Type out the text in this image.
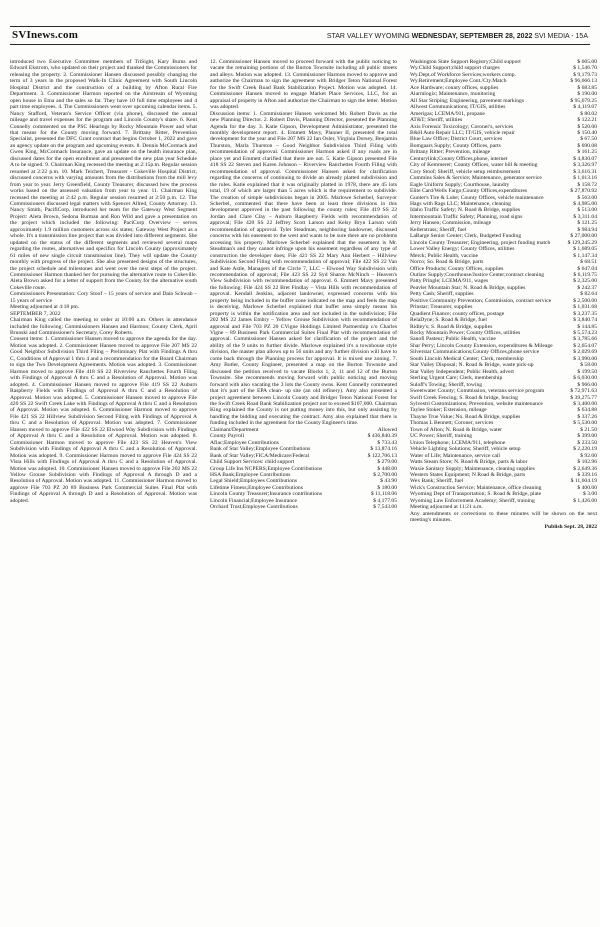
SVInews.com	STAR VALLEY WYOMING WEDNESDAY, SEPTEMBER 28, 2022 SVI MEDIA - 15A

introduced two Executive Committee members of TriSight, Kary Burns and Edward Ekstrom, who updated on their project and thanked the Commissioners for releasing the property. 2. Commissioner Hansen discussed possibly changing the term of 3 years in the proposed Walk-In Clinic Agreement with South Lincoln Hospital District and the construction of a building by Afton Rural Fire Department. 3. Commissioner Harmon reported on the Airstream of Wyoming open house in Etna and the sales so far. They have 10 full time employees and 4 part time employees. 4. The Commissioners went over upcoming calendar items. 5. Nancy Stafford, Veteran's Service Officer (via phone), discussed the annual mileage and travel expenses for the program and Lincoln County's share. 6. Kent Connelly commented on the PSC Hearings by Rocky Mountain Power and what that means for the County moving forward. 7. Brittany Ritter, Prevention Specialist, presented the DFC Grant contract that begins October 1, 2022 and gave an agency update on the program and upcoming events. 8. Dennis McCormack and Gwen King, McCormack Insurance, gave an update on the health insurance plan, discussed dates for the open enrollment and presented the new plan year Schedule A to be signed. 9. Chairman King recessed the meeting at 2:15p.m. Regular session resumed at 2:22 p.m. 10. Mark Teichert, Treasurer - Cokeville Hospital District, discussed concerns with varying amounts from the distributions from the mill levy from year to year. Jerry Greenfield, County Treasurer, discussed how the process works based on the assessed valuation from year to year. 11. Chairman King recessed the meeting at 2:42 p.m. Regular session resumed at 2:50 p.m. 12. The Commissioners discussed legal matters with Spencer Allred, County Attorney. 13. Nancy Smith, PacifiCorp, introduced her team for the Gateway West Segment Project: Aleta Brown, Sedona Burman and Ron Wild and gave a presentation on the project which included the following: PaciCorp Overview – serves approximately 1.9 million customers across six states; Gateway West Project as a whole. It's a transmission line project that was divided into different segments. She updated on the status of the different segments and reviewed several maps regarding the routes, alternatives and specifics for Lincoln County (approximately 61 miles of new single circuit transmission line). They will update the County monthly with progress of the project. She also presented designs of the structures, the project schedule and milestones and went over the next steps of the project. Commissioner Harmon thanked her for pursuing the alternative route to Cokeville. Aleta Brown asked for a letter of support from the County for the alternative south Cokeville route.

Commissioners Presentation: Cory Stoof – 15 years of service and Dain Schwab – 15 years of service

Meeting adjourned at 4:18 pm.

SEPTEMBER 7, 2022

Chairman King called the meeting to order at 10:00 a.m. Others in attendance included the following: Commissioners Hansen and Harmon; County Clerk, April Brunski and Commissioner's Secretary, Corey Roberts.

Consent items: 1. Commissioner Hansen moved to approve the agenda for the day. Motion was adopted. 2. Commissioner Hansen moved to approve File 207 MS 22 Good Neighbor Subdivision Third Filing – Preliminary Plat with Findings A thru C, Conditions of Approval 1 thru 4 and a recommendation for the Board Chairman to sign the Two Development Agreements. Motion was adopted. 3. Commissioner Harmon moved to approve File 418 SS 22 Riverview Ranchettes Fourth Filing with Findings of Approval A thru C and a Resolution of Approval. Motion was adopted. 4. Commissioner Hansen moved to approve File 419 SS 22 Auburn Raspberry Fields with Findings of Approval A thru C and a Resolution of Approval. Motion was adopted. 5. Commissioner Hansen moved to approve File 420 SS 22 Swift Creek Lake with Findings of Approval A thru C and a Resolution of Approval. Motion was adopted. 6. Commissioner Harmon moved to approve File 421 SS 22 Hillview Subdivision Second Filing with Findings of Approval A thru C and a Resolution of Approval. Motion was adopted. 7. Commissioner Hansen moved to approve File 422 SS 22 Elwood Way Subdivision with Findings of Approval A thru C and a Resolution of Approval. Motion was adopted. 8. Commissioner Harmon moved to approve File 423 SS 22 Heaven's View Subdivision with Findings of Approval A thru C and a Resolution of Approval. Motion was adopted. 9. Commissioner Harmon moved to approve File 424 SS 22 Vista Hills with Findings of Approval A thru C and a Resolution of Approval. Motion was adopted. 10. Commissioner Hansen moved to approve File 202 MS 22 Yellow Grouse Subdivision with Findings of Approval A through D and a Resolution of Approval. Motion was adopted. 11. Commissioner Harmon moved to approve File 703 PZ 20 89 Business Park Commercial Suites Final Plat with Findings of Approval A through D and a Resolution of Approval. Motion was adopted.

12. Commissioner Hansen moved to proceed forward with the public noticing to vacate the remaining portions of the Burton Townsite including all public streets and alleys. Motion was adopted. 13. Commissioner Harmon moved to approve and authorize the Chairman to sign the agreement with Bridger Teton National Forest for the Swift Creek Road Bank Stabilization Project. Motion was adopted. 14. Commissioner Hansen moved to engage Market Place Services, LLC, for an appraisal of property in Afton and authorize the Chairman to sign the letter. Motion was adopted.

Discussion items: 1. Commissioner Hansen welcomed Mr. Robert Davis as the new Planning Director. 2. Robert Davis, Planning Director, presented the Planning Agenda for the day. 3. Katie Gipson, Development Administrator, presented the monthly development report. 4. Emmett Mavy, Planner II, presented the total development for the year and File 207 MS 22 Ian Osler, Virginia Dorsey, Benjamin Thurston, Marla Thurston – Good Neighbor Subdivision Third Filing with recommendation of approval. Commissioner Harmon asked if any roads are in place yet and Emmett clarified that there are not. 5. Katie Gipson presented File 418 SS 22 Steven and Karen Johnson – Riverview Ranchettes Fourth Filing with recommendation of approval. Commissioner Hansen asked for clarification regarding the concerns of continuing to divide an already platted subdivision and the rules. Katie explained that it was originally platted in 1978, there are 45 lots total, 19 of which are larger than 5 acres which is the requirement to subdivide. The creation of simple subdivisions began in 2005. Marlowe Scherbel, Surveyor Scherbel, commented that there have been at least three divisions in this development approved in the past following the county rules; File 419 SS 22 Jordan and Clare Clay – Auburn Raspberry Fields with recommendation of approval; File 420 SS 22 Jeffrey Scott Larson and Kelsy Bryn Larson with recommendation of approval. Tyler Steadman, neighboring landowner, discussed concerns with his easement to the west and wants to be sure there are no problems accessing his property. Marlowe Scherbel explained that the easement is Mr. Steadman's and they cannot infringe upon his easement regardless of any type of construction the developer does; File 421 SS 22 Mary Ann Herbert – Hillview Subdivision Second Filing with recommendation of approval; File 422 SS 22 Van and Kate Astle, Managers of the Circle 7, LLC – Elwood Way Subdivision with recommendation of approval; File 423 SS 22 Syd Sharon McNinch – Heaven's View Subdivision with recommendation of approval. 6. Emmett Mavy presented the following: File 424 SS 22 Bret Findlay – Vista Hills with recommendation of approval. Kendall Jenkins, adjacent landowner, expressed concerns with his property being included in the buffer zone indicated on the map and feels the map is deceiving. Marlowe Scherbel explained that buffer area simply means his property is within the notification area and not included in the subdivision; File 202 MS 22 James Embry – Yellow Grouse Subdivision with recommendation of approval and File 703 PZ 20 CVigne Holdings Limited Partnership c/o Charles Vigne – 89 Business Park Commercial Suites Final Plat with recommendation of approval. Commissioner Hansen asked for clarification of the project and the ability of the 9 units to further divide. Marlowe explained it's a townhouse style division, the master plan allows up to 56 units and any further division will have to come back through the Planning process for approval. It is mixed use zoning. 7. Amy Butler, County Engineer, presented a map on the Burton Townsite and discussed the petition received to vacate Blocks 1, 2, 11 and 12 of the Burton Townsite. She recommends moving forward with public noticing and moving forward with also vacating the 3 lots the County owns. Kent Connelly commented that it's part of the EPA clean- up site (an old refinery). Amy also presented a project agreement between Lincoln County and Bridger Teton National Forest for the Swift Creek Road Bank Stabilization project not to exceed $107,000. Chairman King explained the County is not putting money into this, but only assisting by handling the bidding and executing the contract. Amy also explained that there is funding included in the agreement for the County Engineer's time.

Claimant/Department	Allowed
County Payroll	$ 436,840.39
Aflac;Employee Contributions	$ 733.43
Bank of Star Valley;Employee Contributions	$ 13,874.16
Bank of Star Valley;FICA/Medicare/Federal	$ 122,706.13
Child Support Services: child support	$ 279.00
Group Life Ins NCPERS;Employee Contributions	$ 448.00
HSA Bank;Employee Contributions	$ 2,700.00
Legal Shield;Employees Contributions	$ 43.90
Lifetime Fitness;Employee Contributions	$ 180.00
Lincoln County Treasurer;Insurance contributions	$ 11,118.06
Lincoln Financial;Employee Insurance	$ 4,177.05
Orchard Trust;Employee Contributions	$ 7,543.00
Washington State Support Registry;Child support	$ 605.00
Wy.Child Support;child support charges	$ 1,546.70
Wy.Dept.of Workforce Services;workers comp.	$ 9,179.73
Wy.Retirement;Employee Cont./Cty.Match	$ 96,666.13
Ace Hardware; county offices, supplies	$ 683.85
Alarmlogix; Maintenance, monitoring	$ 190.00
All Star Striping; Engineering, pavement markings	$ 95,679.25
Allwest Communications; IT/GIS, utilities	$ 4,119.07
Amerigas; LCEMA/911, propane	$ 80.02
AT&T; Sheriff, utilities	$ 122.21
Axis Forensic Toxicology; Coroner's, services	$ 520.00
B&H Auto Repair LLC; IT/GIS, vehicle repair	$ 150.40
Blue Law Office; District Court, services	$ 67.50
Bomgaars Supply; County Offices, parts	$ 690.08
Brittany Ritter; Prevention, mileage	$ 161.25
Centurylink;County Offices,phone, internet	$ 4,830.07
City of Kemmerer; County Offices, water bill & meeting	$ 3,326.97
Cory Stoof; Sheriff, vehicle setup reimbursement	$ 3,616.31
Cummins Sales & Service; Maintenance, generator service	$ 1,013.16
Eagle Uniform Supply; Courthouse, laundry	$ 158.72
Elite Card/Wells Fargo;County Offices,expenditures	$ 27,870.92
Gunter's Tire & Lube; County Offices, vehicle maintenance	$ 563.00
Hags with Rags LLC; Maintenance, cleaning	$ 4,985.00
Idaho Traffic Safety; N. Road & Bridge, supplies	$ 513.00
Intermountain Traffic Safety; Planning, road signs	$ 3,311.04
Jerry Hansen; Commission, mileage	$ 121.25
Kellerstrass; Sheriff, fuel	$ 984.94
LaBarge Senior Center; Clerk, Budgeted Funding	$ 27,000.00
Lincoln County Treasurer; Engineering, project funding match	$ 129,245.29
Lower Valley Energy; County Offices, utilities	$ 1,689.05
Merck; Public Health, vaccine	$ 1,147.34
Norco; So. Road & Bridge, parts	$ 68.51
Office Products; County Offices, supplies	$ 647.04
Outlaw Supply;Courthouse/Justice Center;contract cleaning	$ 6,119.75
Patty Pringle; LCEMA/911, wages	$ 2,325.00
Peavler Mountain Star; N. Road & Bridge, supplies	$ 242.37
Petty Cash; Sheriff, supplies	$ 82.64
Positive Community Prevention; Commission, contract service	$ 2,500.00
Prinstar; Treasurer, supplies	$ 1,031.68
Quadient Finance; county offices, postage	$ 3,237.35
RelaDyne; S. Road & Bridge, fuel	$ 3,840.74
Ridley's; S. Road & Bridge, supplies	$ 144.85
Rocky Mountain Power; County Offices, utilities	$ 5,574.23
Sanofi Pasteur; Public Health, vaccine	$ 3,785.66
Shar Perry; Lincoln County Extension, expenditures & Mileage	$ 2,654.07
Silverstar Communications;County Offices,phone service	$ 2,029.69
South Lincoln Medical Center; Clerk, membership	$ 3,990.00
Star Valley Disposal; N. Road & Bridge, waste pick-up	$ 58.00
Star Valley Independent; Public Health, advert	$ 199.50
Sterling Urgent Care; Clerk, membership	$ 6,030.00
Suloff's Towing; Sheriff, towing	$ 966.00
Sweetwater County; Commission, veterans service program	$ 72,971.63
Swift Creek Fencing; S. Road & bridge, fencing	$ 39,275.77
Sylvestri Customizations; Prevention, website maintenance	$ 3,400.00
Taylee Stoker; Extension, mileage	$ 634.88
Thayne True Value; No. Road & Bridge, supplies	$ 337.26
Thomas L Bennett; Coroner, services	$ 5,530.00
Town of Afton; N. Road & Bridge, water	$ 21.50
UC Power; Sheriff, training	$ 399.00
Union Telephone; LCEMA/911, telephone	$ 233.50
Vehicle Lighting Solutions; Sheriff, vehicle setup	$ 2,220.19
Water of Life; Maintenance, service call	$ 92.00
Watts Steam Store; N. Road & Bridge, parts & labor	$ 102.96
Waxie Sanitary Supply; Maintenance, cleaning supplies	$ 2,649.36
Western States Equipment; N Road & Bridge, parts	$ 339.16
Wex Bank; Sheriff, fuel	$ 11,604.19
Wick's Construction Service; Maintenance, office cleaning	$ 400.00
Wyoming Dept of Transportation; S. Road & Bridge, plate	$ 3.00
Wyoming Law Enforcement Academy; Sheriff, training	$ 1,426.00

Meeting adjourned at 11:21 a.m.

Any amendments or corrections to these minutes will be shown on the next meeting's minutes.

Publish Sept. 28, 2022
